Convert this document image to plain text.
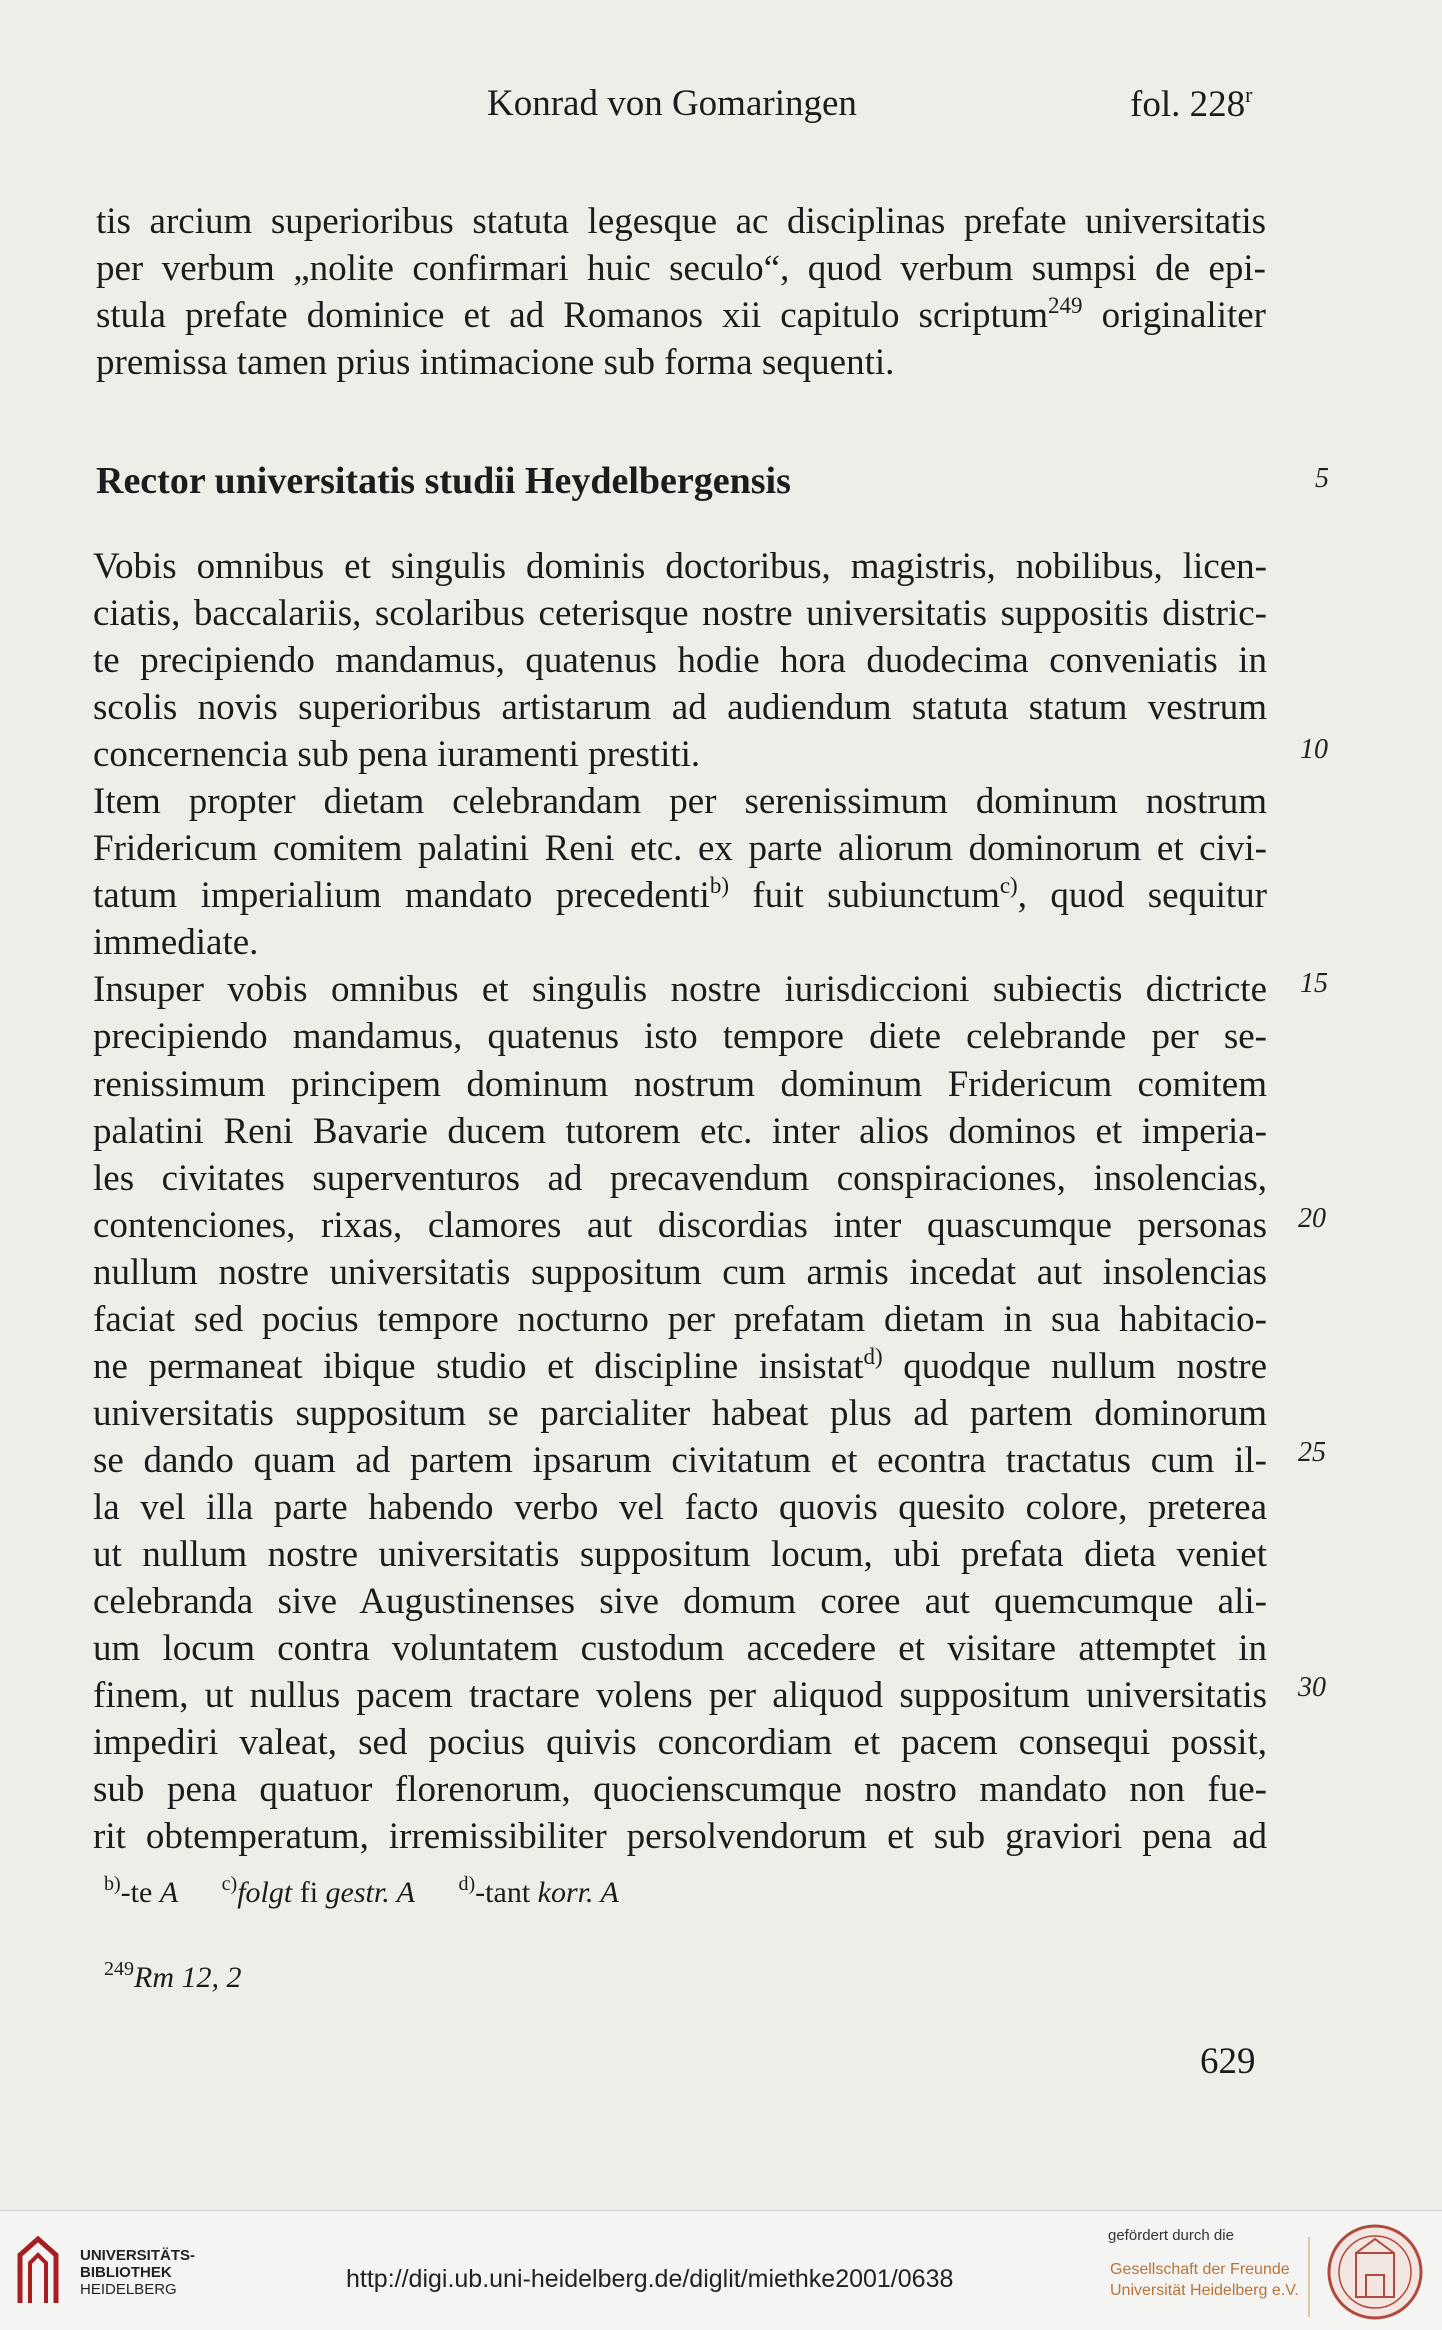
Konrad von Gomaringen	fol. 228$^r$
tis arcium superioribus statuta legesque ac disciplinas prefate universitatis
per verbum „nolite confirmari huic seculo“, quod verbum sumpsi de epi-
stula prefate dominice et ad Romanos xii capitulo scriptum$^{249}$ originaliter
premissa tamen prius intimacione sub forma sequenti.
Rector universitatis studii Heydelbergensis	5
10
15
20
25
30
Vobis omnibus et singulis dominis doctoribus, magistris, nobilibus, licen-
ciatis, baccalariis, scolaribus ceterisque nostre universitatis suppositis distric-
te precipiendo mandamus, quatenus hodie hora duodecima conveniatis in
scolis novis superioribus artistarum ad audiendum statuta statum vestrum
concernencia sub pena iuramenti prestiti.
Item propter dietam celebrandam per serenissimum dominum nostrum
Fridericum comitem palatini Reni etc. ex parte aliorum dominorum et civi-
tatum imperialium mandato precedenti$^{b)}$ fuit subiunctum$^{c)}$, quod sequitur
immediate.
Insuper vobis omnibus et singulis nostre iurisdiccioni subiectis dictricte
precipiendo mandamus, quatenus isto tempore diete celebrande per se-
renissimum principem dominum nostrum dominum Fridericum comitem
palatini Reni Bavarie ducem tutorem etc. inter alios dominos et imperia-
les civitates superventuros ad precavendum conspiraciones, insolencias,
contenciones, rixas, clamores aut discordias inter quascumque personas
nullum nostre universitatis suppositum cum armis incedat aut insolencias
faciat sed pocius tempore nocturno per prefatam dietam in sua habitacio-
ne permaneat ibique studio et discipline insistat$^{d)}$ quodque nullum nostre
universitatis suppositum se parcialiter habeat plus ad partem dominorum
se dando quam ad partem ipsarum civitatum et econtra tractatus cum il-
la vel illa parte habendo verbo vel facto quovis quesito colore, preterea
ut nullum nostre universitatis suppositum locum, ubi prefata dieta veniet
celebranda sive Augustinenses sive domum coree aut quemcumque ali-
um locum contra voluntatem custodum accedere et visitare attemptet in
finem, ut nullus pacem tractare volens per aliquod suppositum universitatis
impediri valeat, sed pocius quivis concordiam et pacem consequi possit,
sub pena quatuor florenorum, quocienscumque nostro mandato non fue-
rit obtemperatum, irremissibiliter persolvendorum et sub graviori pena ad
$^{b)}$-te A $^{c)}$folgt fi gestr. A $^{d)}$-tant korr. A
$^{249}$Rm 12, 2
629
UNIVERSITÄTS-
BIBLIOTHEK
HEIDELBERG	http://digi.ub.uni-heidelberg.de/diglit/miethke2001/0638
gefördert durch die
Gesellschaft der Freunde
Universität Heidelberg e.V.
